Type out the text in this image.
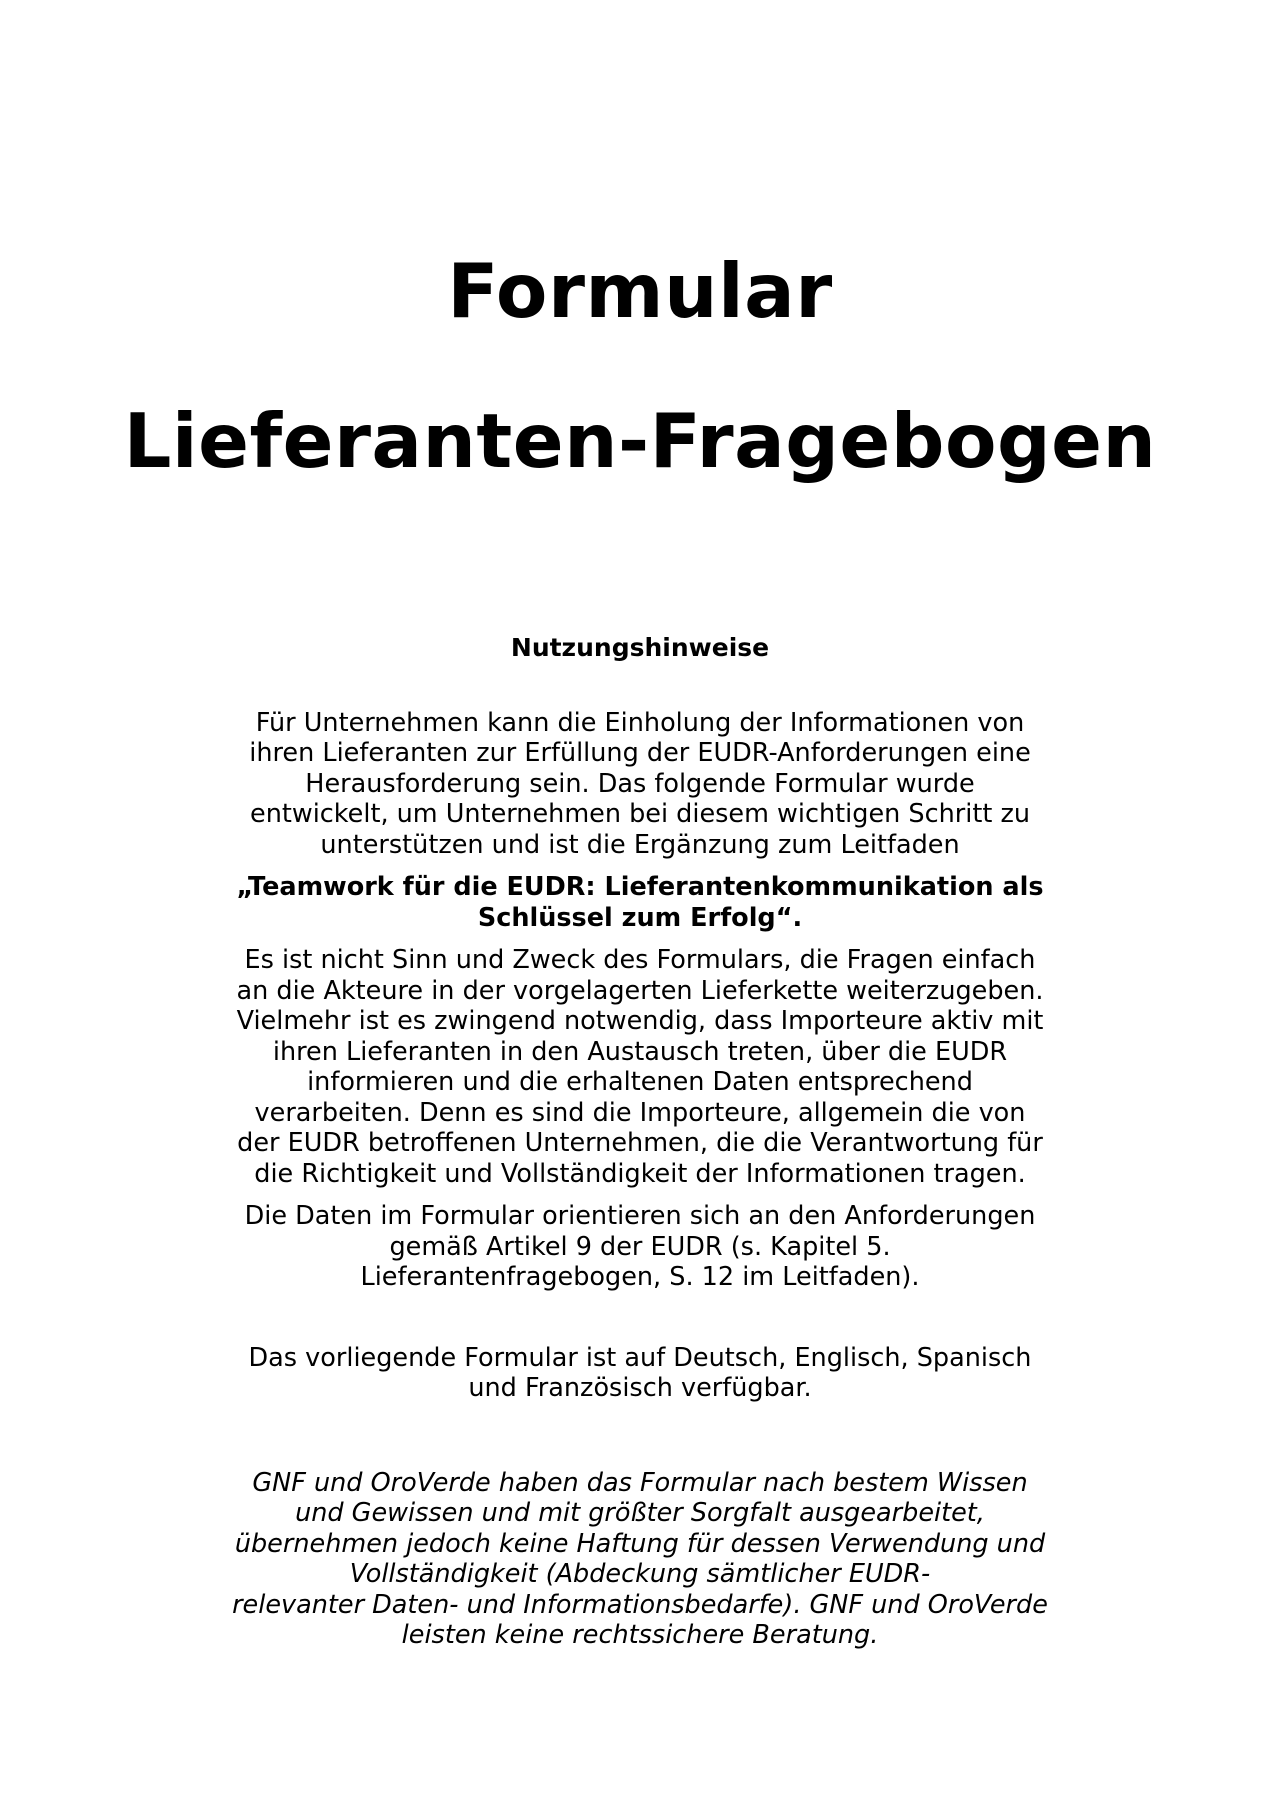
Formular
Lieferanten-Fragebogen

Nutzungshinweise

Für Unternehmen kann die Einholung der Informationen von
ihren Lieferanten zur Erfüllung der EUDR-Anforderungen eine
Herausforderung sein. Das folgende Formular wurde
entwickelt, um Unternehmen bei diesem wichtigen Schritt zu
unterstützen und ist die Ergänzung zum Leitfaden

„Teamwork für die EUDR: Lieferantenkommunikation als
Schlüssel zum Erfolg“.

Es ist nicht Sinn und Zweck des Formulars, die Fragen einfach
an die Akteure in der vorgelagerten Lieferkette weiterzugeben.
Vielmehr ist es zwingend notwendig, dass Importeure aktiv mit
ihren Lieferanten in den Austausch treten, über die EUDR
informieren und die erhaltenen Daten entsprechend
verarbeiten. Denn es sind die Importeure, allgemein die von
der EUDR betroffenen Unternehmen, die die Verantwortung für
die Richtigkeit und Vollständigkeit der Informationen tragen.

Die Daten im Formular orientieren sich an den Anforderungen
gemäß Artikel 9 der EUDR (s. Kapitel 5.
Lieferantenfragebogen, S. 12 im Leitfaden).

Das vorliegende Formular ist auf Deutsch, Englisch, Spanisch
und Französisch verfügbar.

GNF und OroVerde haben das Formular nach bestem Wissen
und Gewissen und mit größter Sorgfalt ausgearbeitet,
übernehmen jedoch keine Haftung für dessen Verwendung und
Vollständigkeit (Abdeckung sämtlicher EUDR-
relevanter Daten- und Informationsbedarfe). GNF und OroVerde
leisten keine rechtssichere Beratung.
